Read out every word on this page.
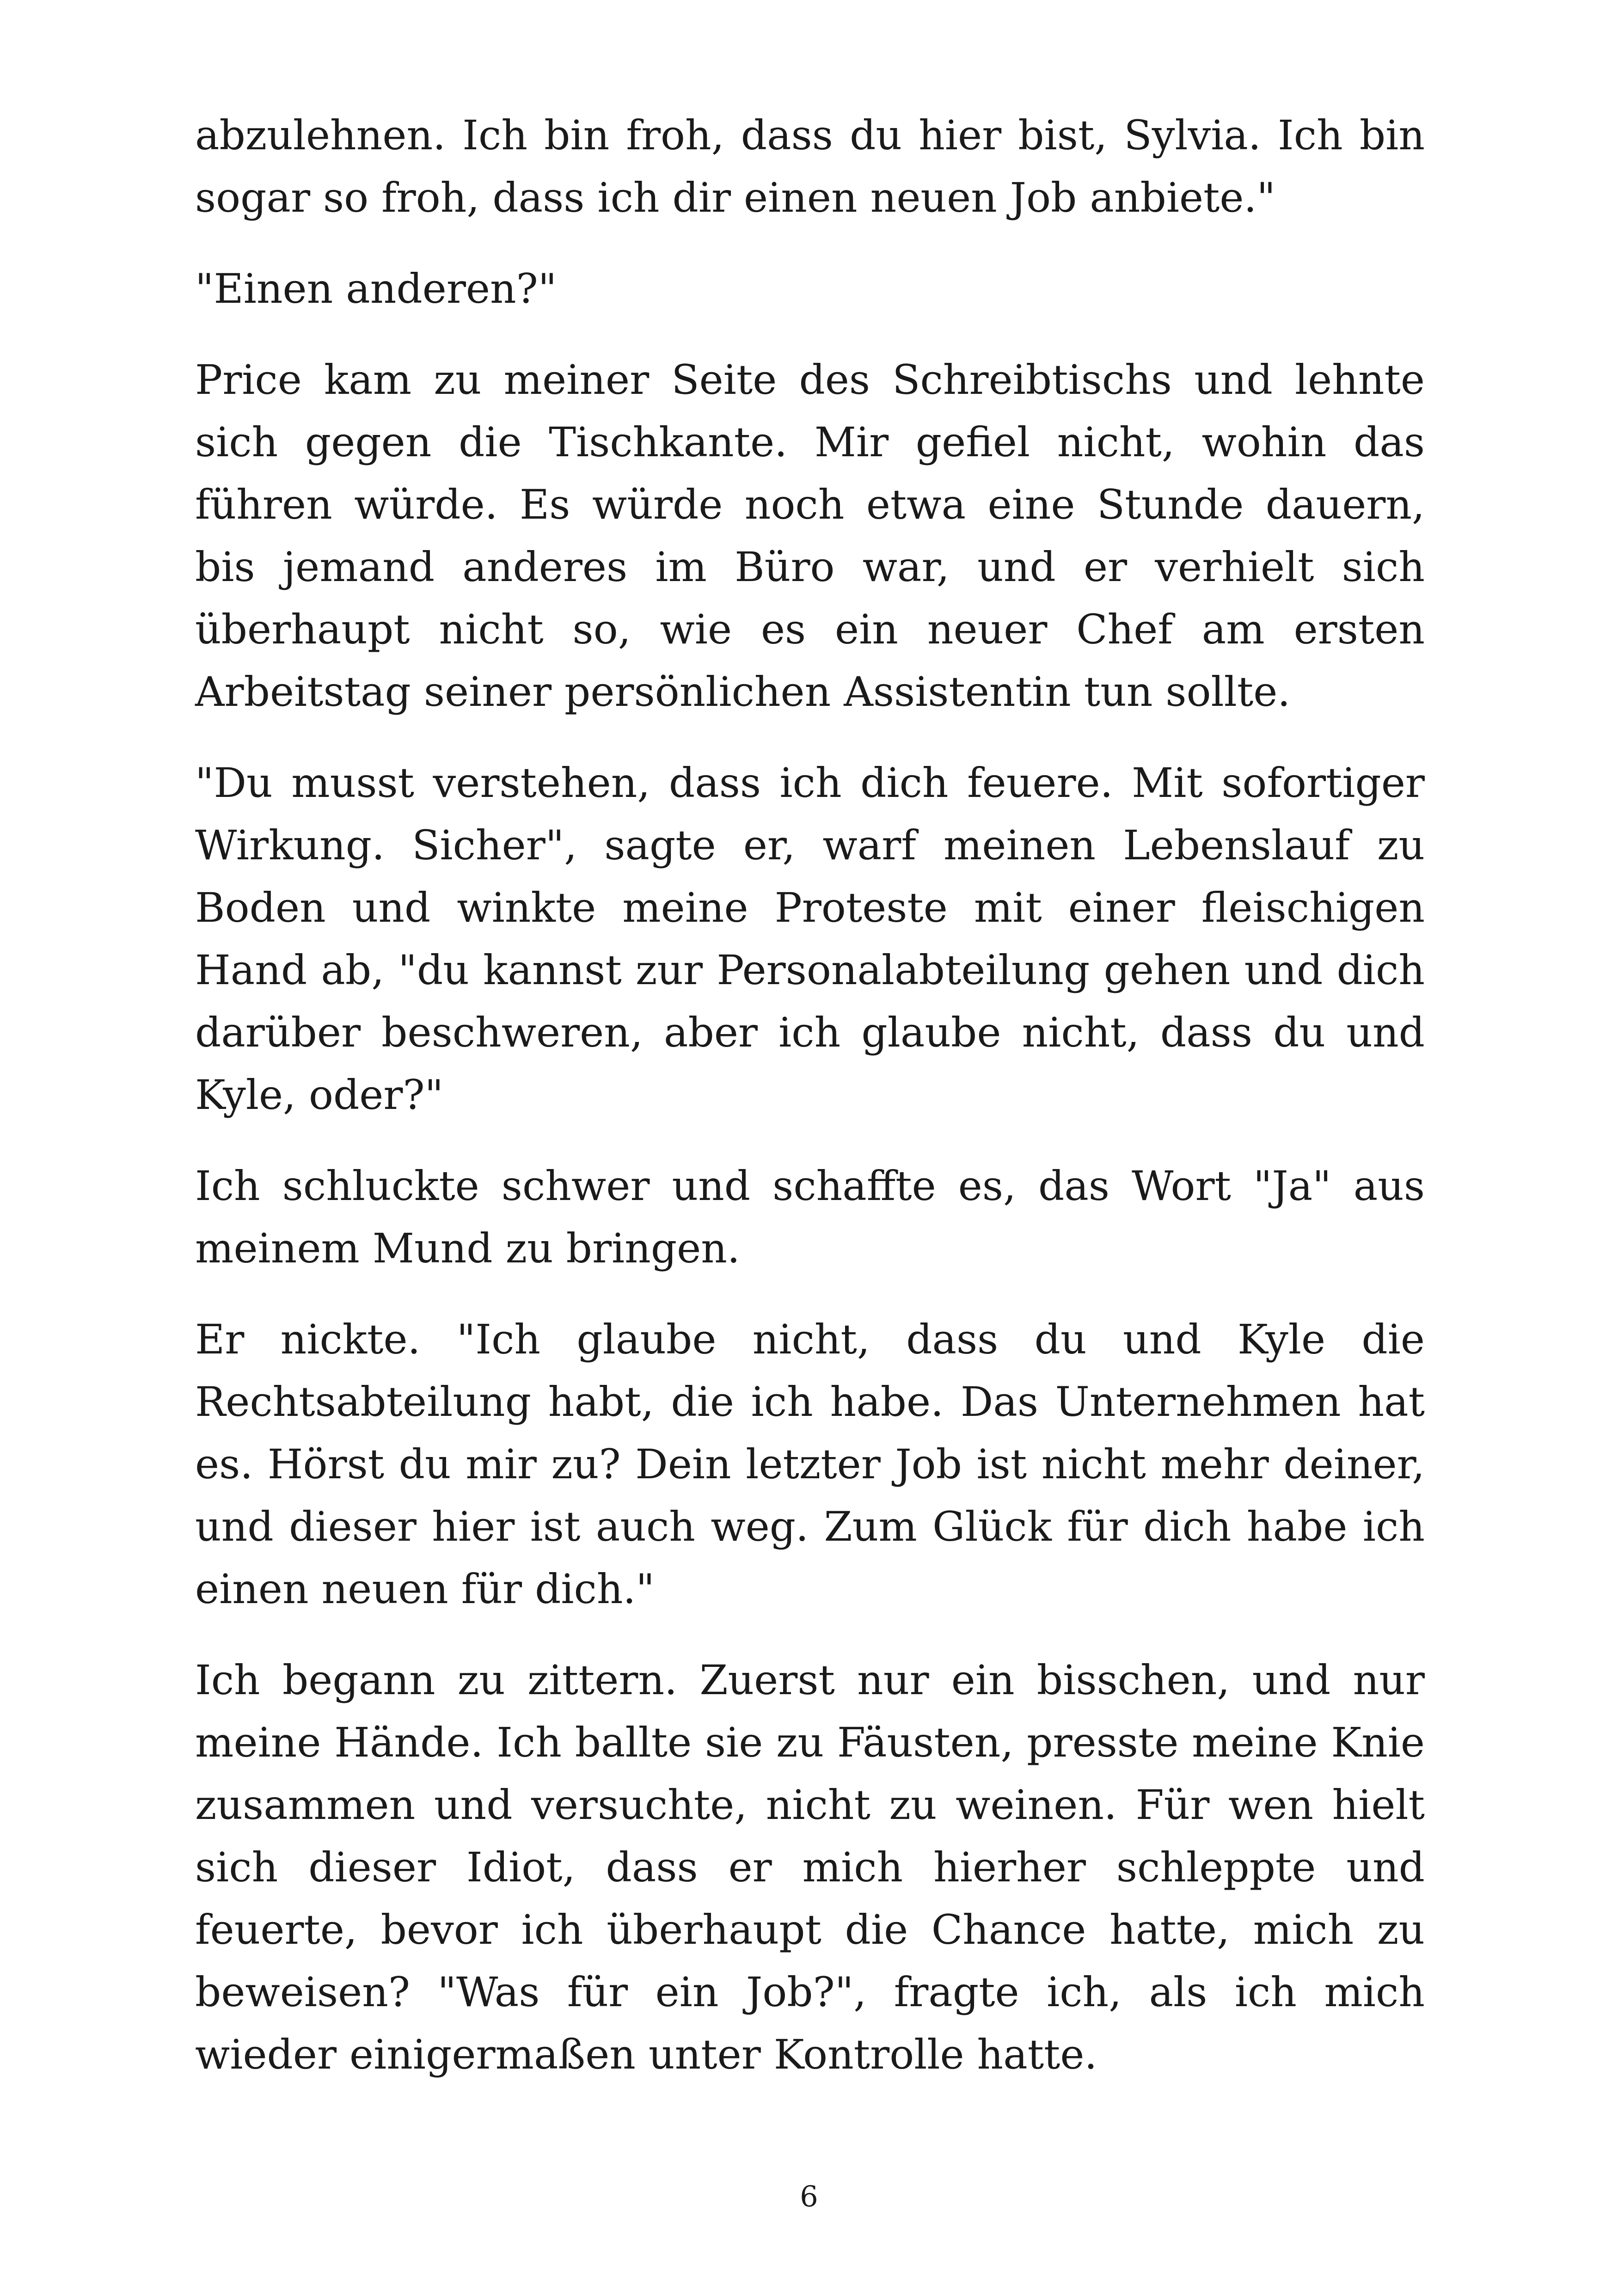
abzulehnen. Ich bin froh, dass du hier bist, Sylvia. Ich bin sogar so froh, dass ich dir einen neuen Job anbiete."

"Einen anderen?"

Price kam zu meiner Seite des Schreibtischs und lehnte sich gegen die Tischkante. Mir gefiel nicht, wohin das führen würde. Es würde noch etwa eine Stunde dauern, bis jemand anderes im Büro war, und er verhielt sich überhaupt nicht so, wie es ein neuer Chef am ersten Arbeitstag seiner persönlichen Assistentin tun sollte.

"Du musst verstehen, dass ich dich feuere. Mit sofortiger Wirkung. Sicher", sagte er, warf meinen Lebenslauf zu Boden und winkte meine Proteste mit einer fleischigen Hand ab, "du kannst zur Personalabteilung gehen und dich darüber beschweren, aber ich glaube nicht, dass du und Kyle, oder?"

Ich schluckte schwer und schaffte es, das Wort "Ja" aus meinem Mund zu bringen.

Er nickte. "Ich glaube nicht, dass du und Kyle die Rechtsabteilung habt, die ich habe. Das Unternehmen hat es. Hörst du mir zu? Dein letzter Job ist nicht mehr deiner, und dieser hier ist auch weg. Zum Glück für dich habe ich einen neuen für dich."

Ich begann zu zittern. Zuerst nur ein bisschen, und nur meine Hände. Ich ballte sie zu Fäusten, presste meine Knie zusammen und versuchte, nicht zu weinen. Für wen hielt sich dieser Idiot, dass er mich hierher schleppte und feuerte, bevor ich überhaupt die Chance hatte, mich zu beweisen? "Was für ein Job?", fragte ich, als ich mich wieder einigermaßen unter Kontrolle hatte.

6
